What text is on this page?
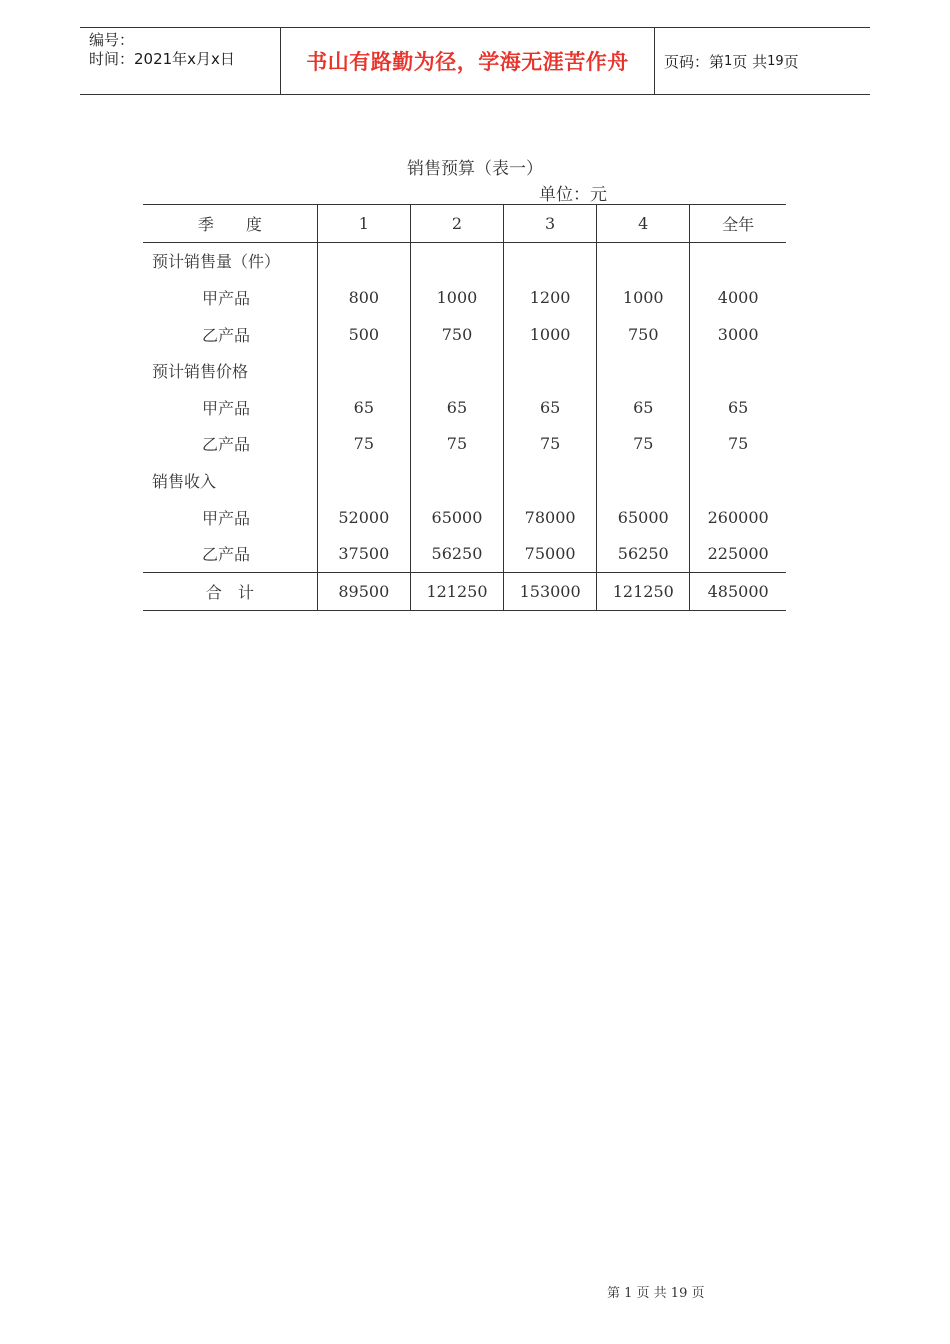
编号：
时间：2021年x月x日	书山有路勤为径，学海无涯苦作舟	页码：第 1 页 共 19 页
销售预算（表一）
单位：元
季　　度	1	2	3	4	全年
预计销售量（件）					
甲产品	800	1000	1200	1000	4000
乙产品	500	750	1000	750	3000
预计销售价格					
甲产品	65	65	65	65	65
乙产品	75	75	75	75	75
销售收入					
甲产品	52000	65000	78000	65000	260000
乙产品	37500	56250	75000	56250	225000
合　计	89500	121250	153000	121250	485000
第 1 页 共 19 页
